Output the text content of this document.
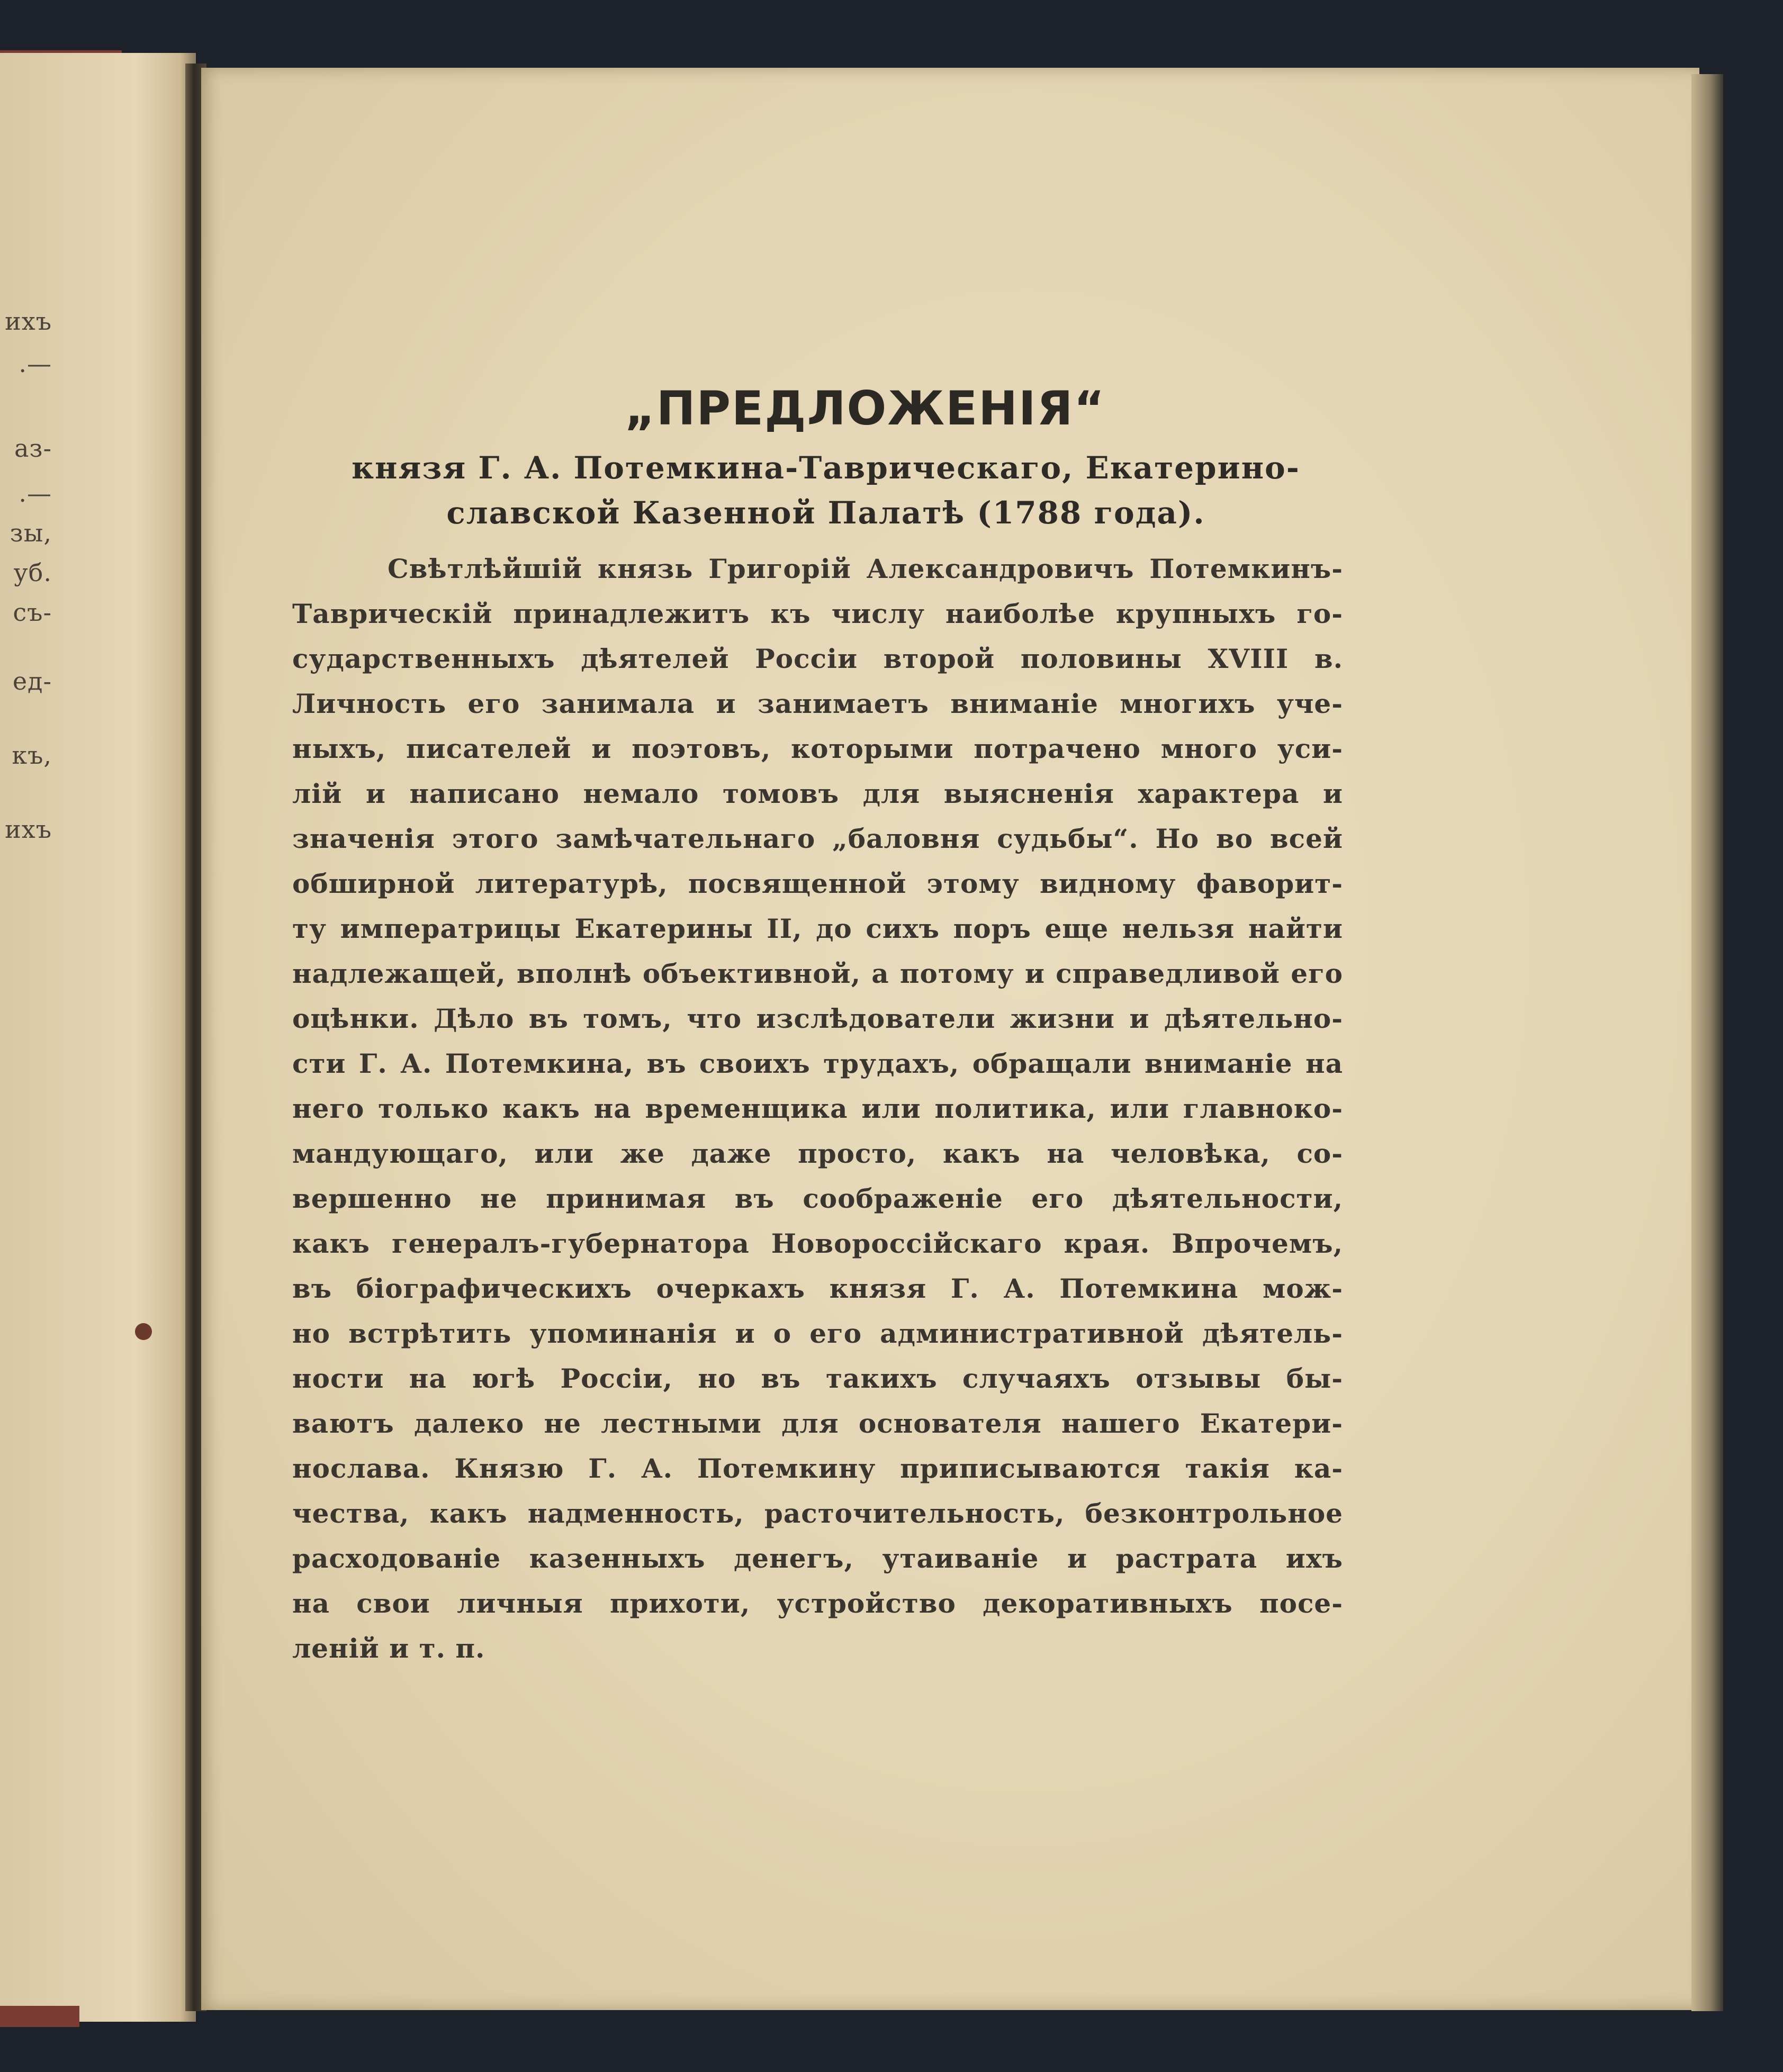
ихъ
.—
аз-
.—
зы,
уб.
съ-
ед-
къ,
ихъ
„ПРЕДЛОЖЕНІЯ“
князя Г. А. Потемкина-Таврическаго, Екатерино-
славской Казенной Палатѣ (1788 года).
Свѣтлѣйшій князь Григорій Александровичъ Потемкинъ-
Таврическій принадлежитъ къ числу наиболѣе крупныхъ го-
сударственныхъ дѣятелей Россіи второй половины XVIII в.
Личность его занимала и занимаетъ вниманіе многихъ уче-
ныхъ, писателей и поэтовъ, которыми потрачено много уси-
лій и написано немало томовъ для выясненія характера и
значенія этого замѣчательнаго „баловня судьбы“. Но во всей
обширной литературѣ, посвященной этому видному фаворит-
ту императрицы Екатерины II, до сихъ поръ еще нельзя найти
надлежащей, вполнѣ объективной, а потому и справедливой его
оцѣнки. Дѣло въ томъ, что изслѣдователи жизни и дѣятельно-
сти Г. А. Потемкина, въ своихъ трудахъ, обращали вниманіе на
него только какъ на временщика или политика, или главноко-
мандующаго, или же даже просто, какъ на человѣка, со-
вершенно не принимая въ соображеніе его дѣятельности,
какъ генералъ-губернатора Новороссійскаго края. Впрочемъ,
въ біографическихъ очеркахъ князя Г. А. Потемкина мож-
но встрѣтить упоминанія и о его административной дѣятель-
ности на югѣ Россіи, но въ такихъ случаяхъ отзывы бы-
ваютъ далеко не лестными для основателя нашего Екатери-
нослава. Князю Г. А. Потемкину приписываются такія ка-
чества, какъ надменность, расточительность, безконтрольное
расходованіе казенныхъ денегъ, утаиваніе и растрата ихъ
на свои личныя прихоти, устройство декоративныхъ посе-
леній и т. п.
